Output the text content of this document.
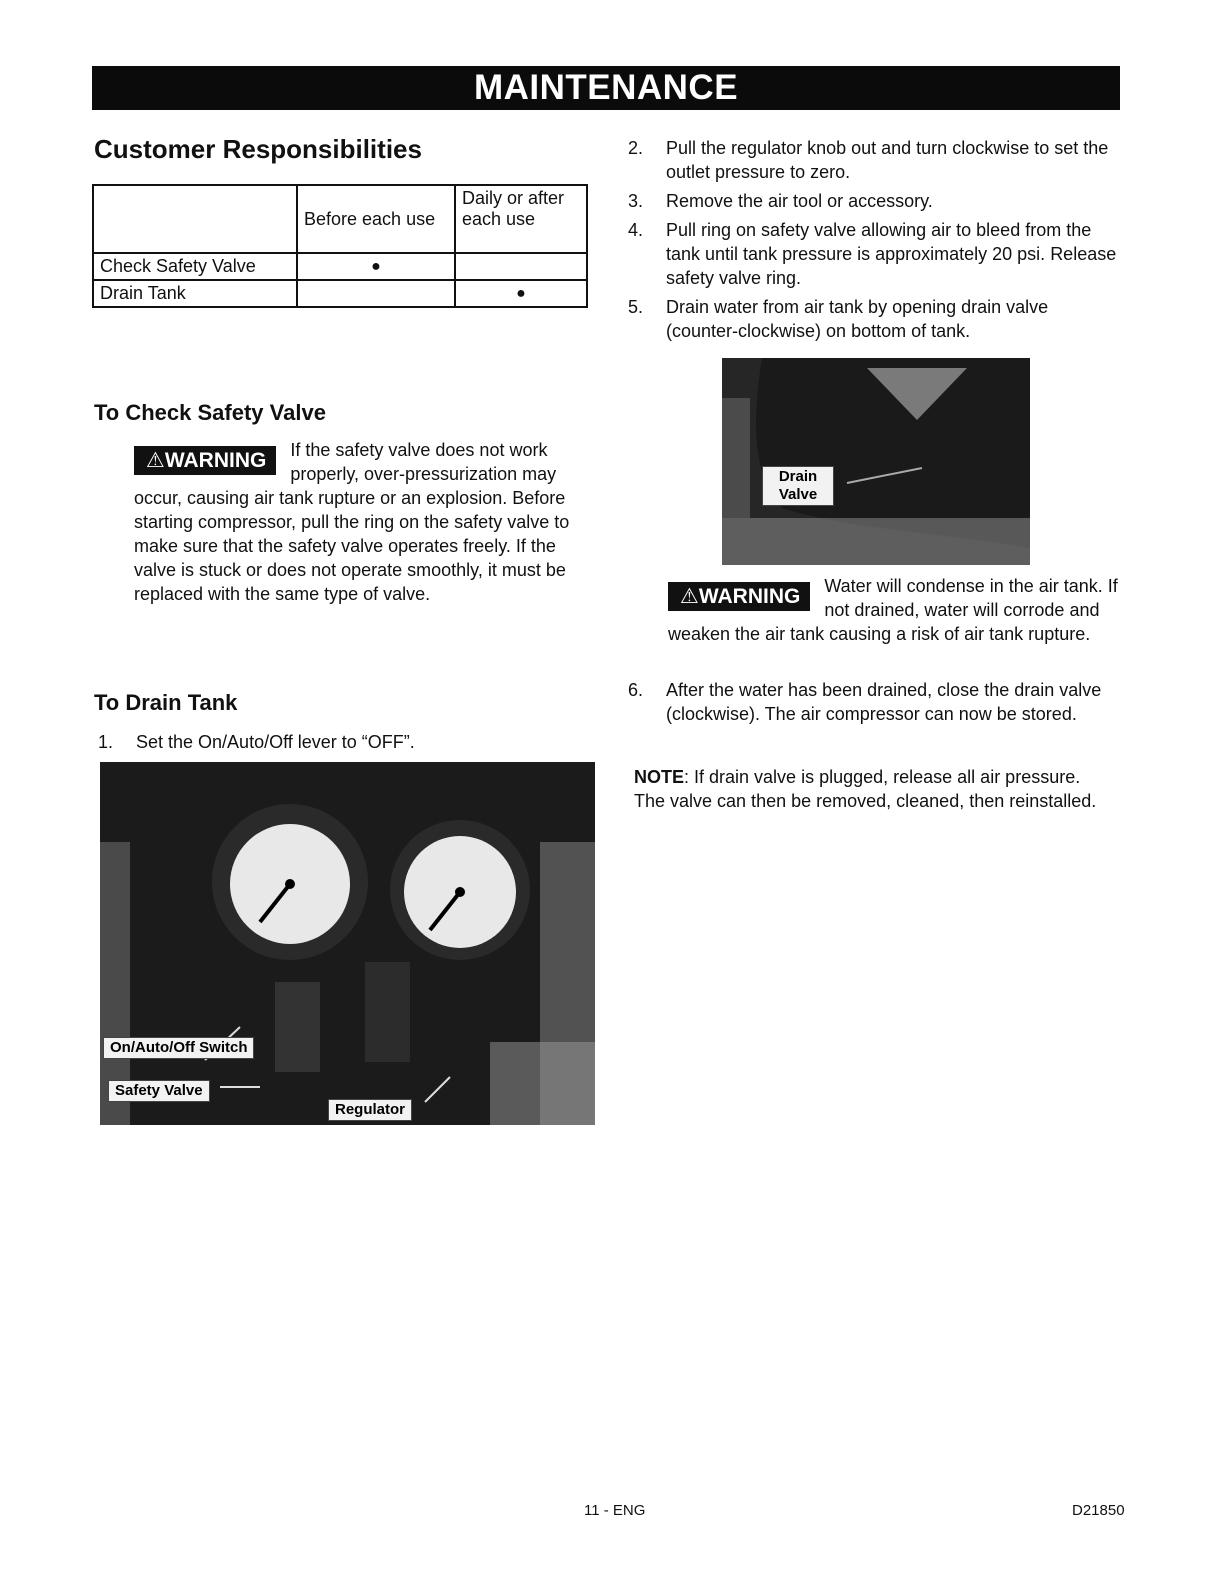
MAINTENANCE
Customer Responsibilities
	Before each use	Daily or after each use
Check Safety Valve	●	
Drain Tank		●
To Check Safety Valve
⚠WARNING	If the safety valve does not work properly, over-pressurization may occur, causing air tank rupture or an explosion. Before starting compressor, pull the ring on the safety valve to make sure that the safety valve operates freely. If the valve is stuck or does not operate smoothly, it must be replaced with the same type of valve.
To Drain Tank
1. Set the On/Auto/Off lever to “OFF”.
On/Auto/Off Switch
Safety Valve
Regulator
2. Pull the regulator knob out and turn clockwise to set the outlet pressure to zero.
3. Remove the air tool or accessory.
4. Pull ring on safety valve allowing air to bleed from the tank until tank pressure is approximately 20 psi. Release safety valve ring.
5. Drain water from air tank by opening drain valve (counter-clockwise) on bottom of tank.
Drain Valve
⚠WARNING	Water will condense in the air tank. If not drained, water will corrode and weaken the air tank causing a risk of air tank rupture.
6. After the water has been drained, close the drain valve (clockwise). The air compressor can now be stored.
NOTE: If drain valve is plugged, release all air pressure. The valve can then be removed, cleaned, then reinstalled.
11 - ENG	D21850
